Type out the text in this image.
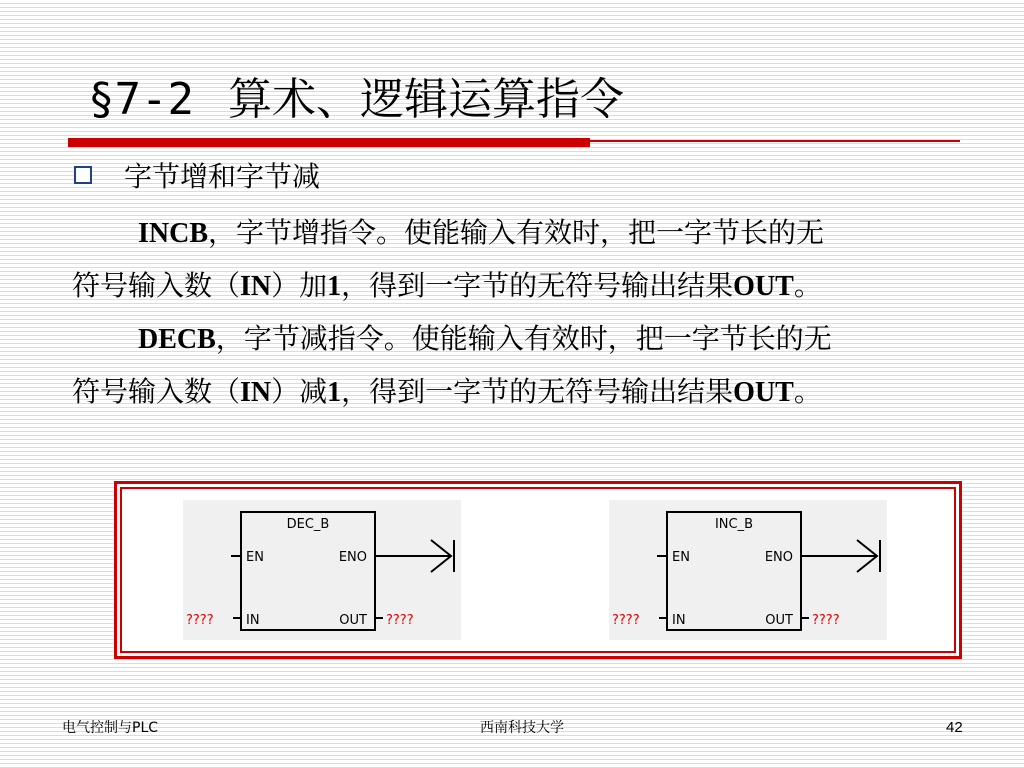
§7-2 算术、逻辑运算指令
字节增和字节减
INCB，字节增指令。使能输入有效时，把一字节长的无
符号输入数（IN）加1，得到一字节的无符号输出结果OUT。
DECB，字节减指令。使能输入有效时，把一字节长的无
符号输入数（IN）减1，得到一字节的无符号输出结果OUT。
DEC_B
EN	ENO
???? IN	OUT ????
INC_B
EN	ENO
???? IN	OUT ????
电气控制与PLC	西南科技大学	42
